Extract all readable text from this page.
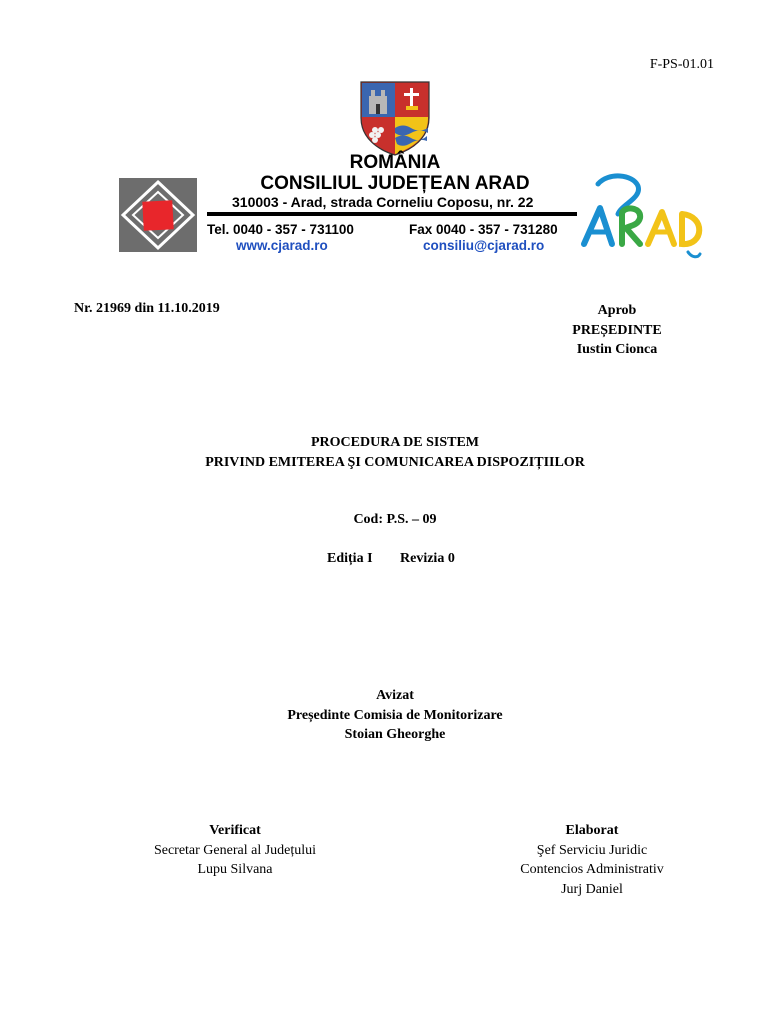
F-PS-01.01
ROMÂNIA
CONSILIUL JUDEȚEAN ARAD
310003 - Arad, strada Corneliu Coposu, nr. 22
Tel. 0040 - 357 - 731100	Fax 0040 - 357 - 731280
www.cjarad.ro	consiliu@cjarad.ro
Nr. 21969 din 11.10.2019	Aprob
PREȘEDINTE
Iustin Cionca
PROCEDURA DE SISTEM
PRIVIND EMITEREA ŞI COMUNICAREA DISPOZIȚIILOR
Cod: P.S. – 09
Ediția I Revizia 0
Avizat
Președinte Comisia de Monitorizare
Stoian Gheorghe
Verificat
Secretar General al Județului
Lupu Silvana
Elaborat
Şef Serviciu Juridic
Contencios Administrativ
Jurj Daniel
